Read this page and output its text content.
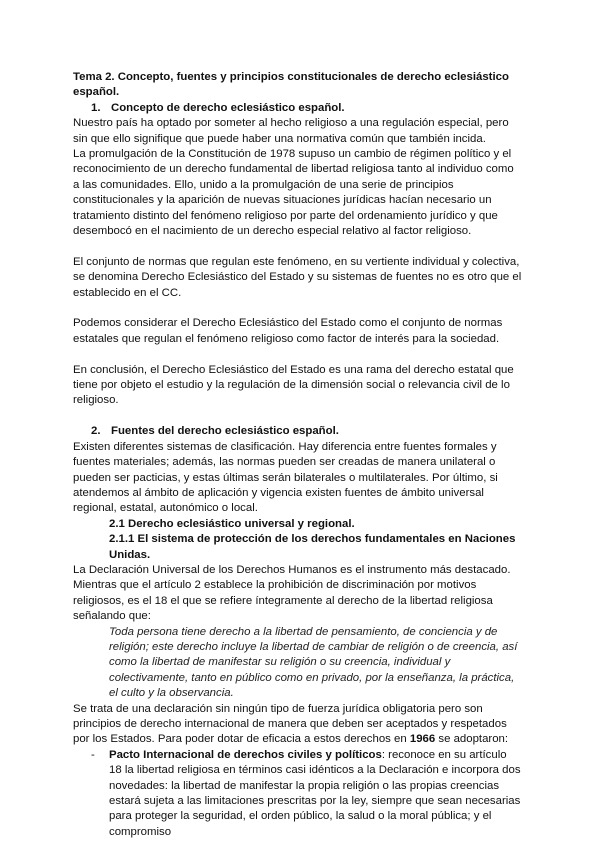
Tema 2. Concepto, fuentes y principios constitucionales de derecho eclesiástico español.

1. Concepto de derecho eclesiástico español.

Nuestro país ha optado por someter al hecho religioso a una regulación especial, pero sin que ello signifique que puede haber una normativa común que también incida.

La promulgación de la Constitución de 1978 supuso un cambio de régimen político y el reconocimiento de un derecho fundamental de libertad religiosa tanto al individuo como a las comunidades. Ello, unido a la promulgación de una serie de principios constitucionales y la aparición de nuevas situaciones jurídicas hacían necesario un tratamiento distinto del fenómeno religioso por parte del ordenamiento jurídico y que desembocó en el nacimiento de un derecho especial relativo al factor religioso.

El conjunto de normas que regulan este fenómeno, en su vertiente individual y colectiva, se denomina Derecho Eclesiástico del Estado y su sistemas de fuentes no es otro que el establecido en el CC.

Podemos considerar el Derecho Eclesiástico del Estado como el conjunto de normas estatales que regulan el fenómeno religioso como factor de interés para la sociedad.

En conclusión, el Derecho Eclesiástico del Estado es una rama del derecho estatal que tiene por objeto el estudio y la regulación de la dimensión social o relevancia civil de lo religioso.

2. Fuentes del derecho eclesiástico español.

Existen diferentes sistemas de clasificación. Hay diferencia entre fuentes formales y fuentes materiales; además, las normas pueden ser creadas de manera unilateral o pueden ser pacticias, y estas últimas serán bilaterales o multilaterales. Por último, si atendemos al ámbito de aplicación y vigencia existen fuentes de ámbito universal regional, estatal, autonómico o local.

2.1 Derecho eclesiástico universal y regional.

2.1.1 El sistema de protección de los derechos fundamentales en Naciones Unidas.

La Declaración Universal de los Derechos Humanos es el instrumento más destacado. Mientras que el artículo 2 establece la prohibición de discriminación por motivos religiosos, es el 18 el que se refiere íntegramente al derecho de la libertad religiosa señalando que:

Toda persona tiene derecho a la libertad de pensamiento, de conciencia y de religión; este derecho incluye la libertad de cambiar de religión o de creencia, así como la libertad de manifestar su religión o su creencia, individual y colectivamente, tanto en público como en privado, por la enseñanza, la práctica, el culto y la observancia.

Se trata de una declaración sin ningún tipo de fuerza jurídica obligatoria pero son principios de derecho internacional de manera que deben ser aceptados y respetados por los Estados. Para poder dotar de eficacia a estos derechos en 1966 se adoptaron:

- Pacto Internacional de derechos civiles y políticos: reconoce en su artículo 18 la libertad religiosa en términos casi idénticos a la Declaración e incorpora dos novedades: la libertad de manifestar la propia religión o las propias creencias estará sujeta a las limitaciones prescritas por la ley, siempre que sean necesarias para proteger la seguridad, el orden público, la salud o la moral pública; y el compromiso
